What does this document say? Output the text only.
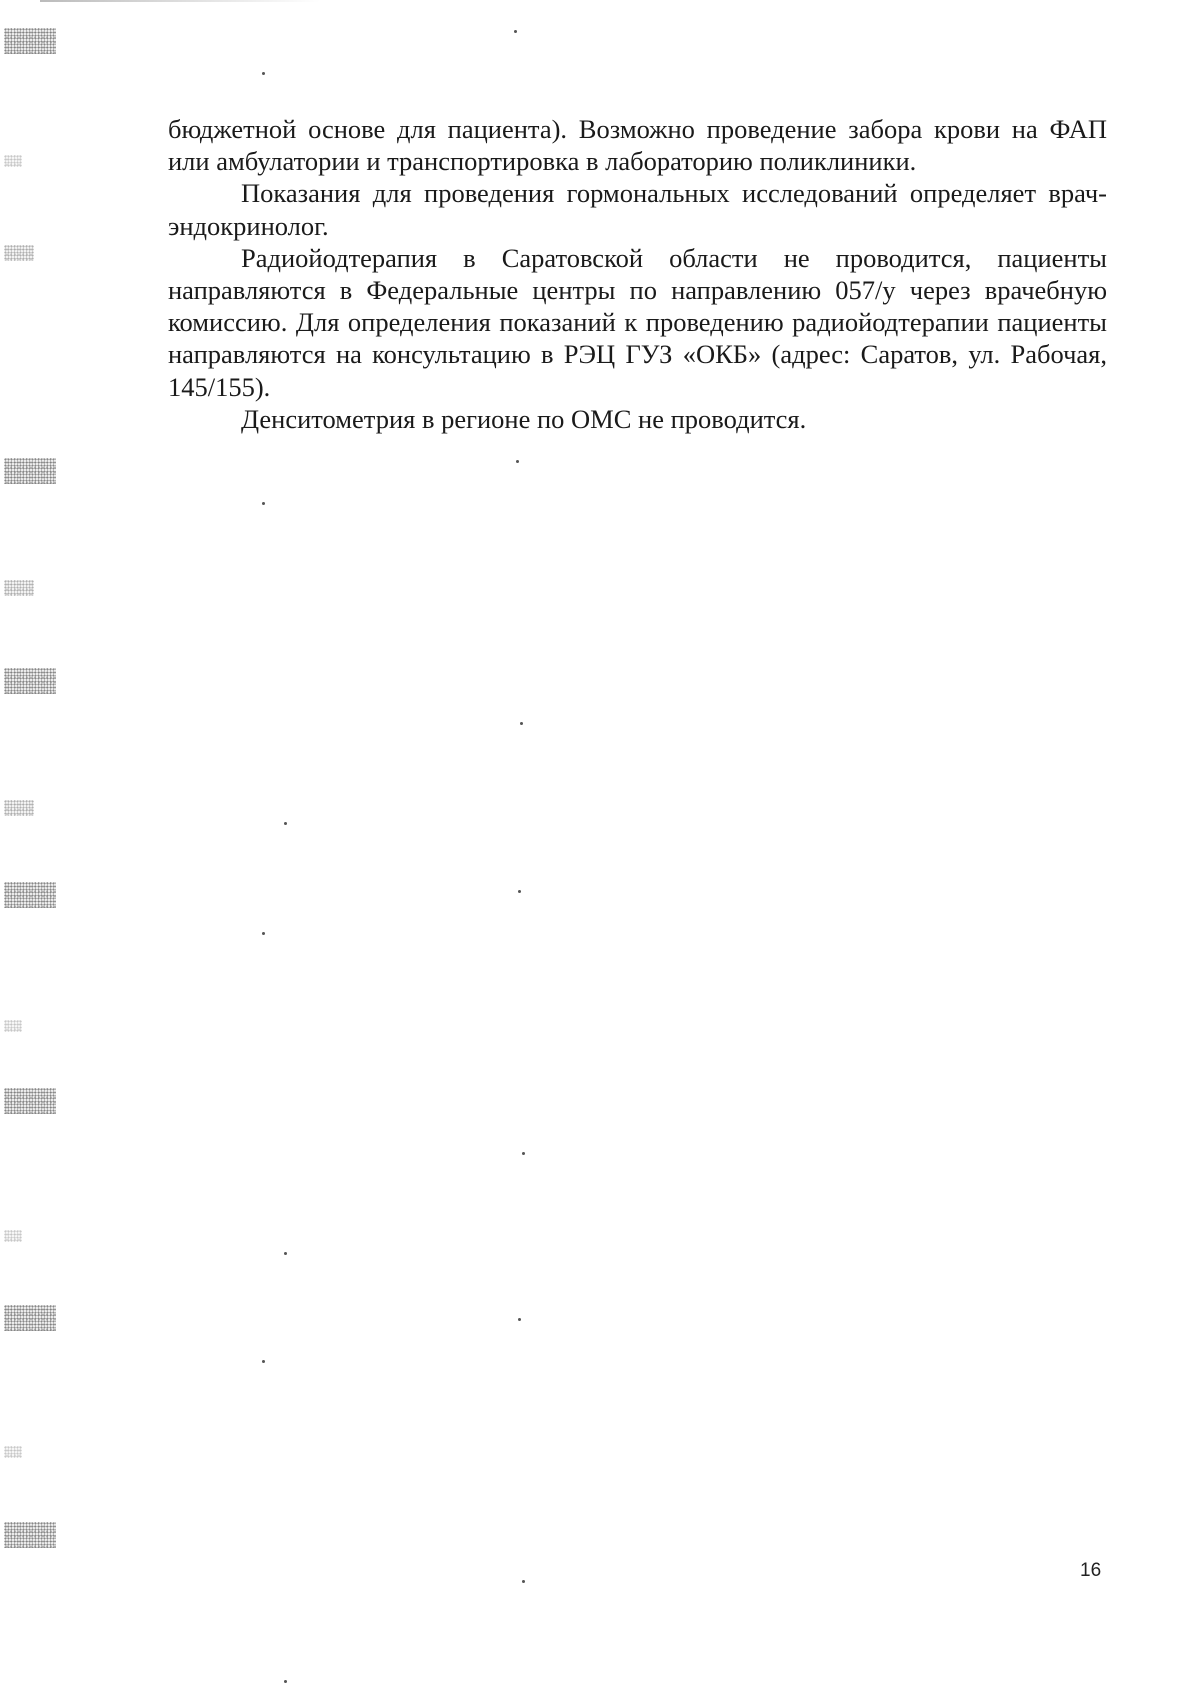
бюджетной основе для пациента). Возможно проведение забора крови на ФАП или амбулатории и транспортировка в лабораторию поликлиники.

Показания для проведения гормональных исследований определяет врач-эндокринолог.

Радиойодтерапия в Саратовской области не проводится, пациенты направляются в Федеральные центры по направлению 057/у через врачебную комиссию. Для определения показаний к проведению радиойодтерапии пациенты направляются на консультацию в РЭЦ ГУЗ «ОКБ» (адрес: Саратов, ул. Рабочая, 145/155).

Денситометрия в регионе по ОМС не проводится.

16
